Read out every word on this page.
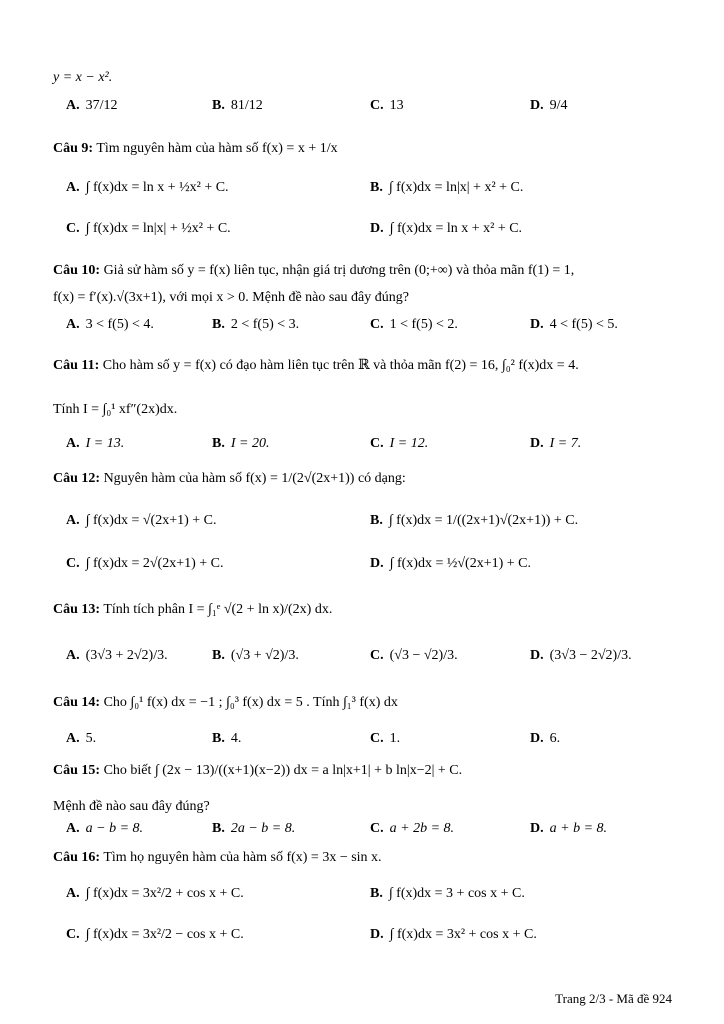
y = x − x².
A. 37/12	B. 81/12	C. 13	D. 9/4
Câu 9: Tìm nguyên hàm của hàm số f(x) = x + 1/x
A. ∫ f(x)dx = ln x + ½x² + C.	B. ∫ f(x)dx = ln|x| + x² + C.
C. ∫ f(x)dx = ln|x| + ½x² + C.	D. ∫ f(x)dx = ln x + x² + C.
Câu 10: Giả sử hàm số y = f(x) liên tục, nhận giá trị dương trên (0;+∞) và thỏa mãn f(1) = 1,
f(x) = f′(x).√(3x+1), với mọi x > 0. Mệnh đề nào sau đây đúng?
A. 3 < f(5) < 4.	B. 2 < f(5) < 3.	C. 1 < f(5) < 2.	D. 4 < f(5) < 5.
Câu 11: Cho hàm số y = f(x) có đạo hàm liên tục trên ℝ và thỏa mãn f(2) = 16, ∫₀² f(x)dx = 4.
Tính I = ∫₀¹ xf″(2x)dx.
A. I = 13.	B. I = 20.	C. I = 12.	D. I = 7.
Câu 12: Nguyên hàm của hàm số f(x) = 1/(2√(2x+1)) có dạng:
A. ∫ f(x)dx = √(2x+1) + C.	B. ∫ f(x)dx = 1/((2x+1)√(2x+1)) + C.
C. ∫ f(x)dx = 2√(2x+1) + C.	D. ∫ f(x)dx = ½√(2x+1) + C.
Câu 13: Tính tích phân I = ∫₁ᵉ √(2 + ln x)/(2x) dx.
A. (3√3 + 2√2)/3.	B. (√3 + √2)/3.	C. (√3 − √2)/3.	D. (3√3 − 2√2)/3.
Câu 14: Cho ∫₀¹ f(x) dx = −1 ; ∫₀³ f(x) dx = 5 . Tính ∫₁³ f(x) dx
A. 5.	B. 4.	C. 1.	D. 6.
Câu 15: Cho biết ∫ (2x − 13)/((x+1)(x−2)) dx = a ln|x+1| + b ln|x−2| + C.
Mệnh đề nào sau đây đúng?
A. a − b = 8.	B. 2a − b = 8.	C. a + 2b = 8.	D. a + b = 8.
Câu 16: Tìm họ nguyên hàm của hàm số f(x) = 3x − sin x.
A. ∫ f(x)dx = 3x²/2 + cos x + C.	B. ∫ f(x)dx = 3 + cos x + C.
C. ∫ f(x)dx = 3x²/2 − cos x + C.	D. ∫ f(x)dx = 3x² + cos x + C.
Trang 2/3 - Mã đề 924
